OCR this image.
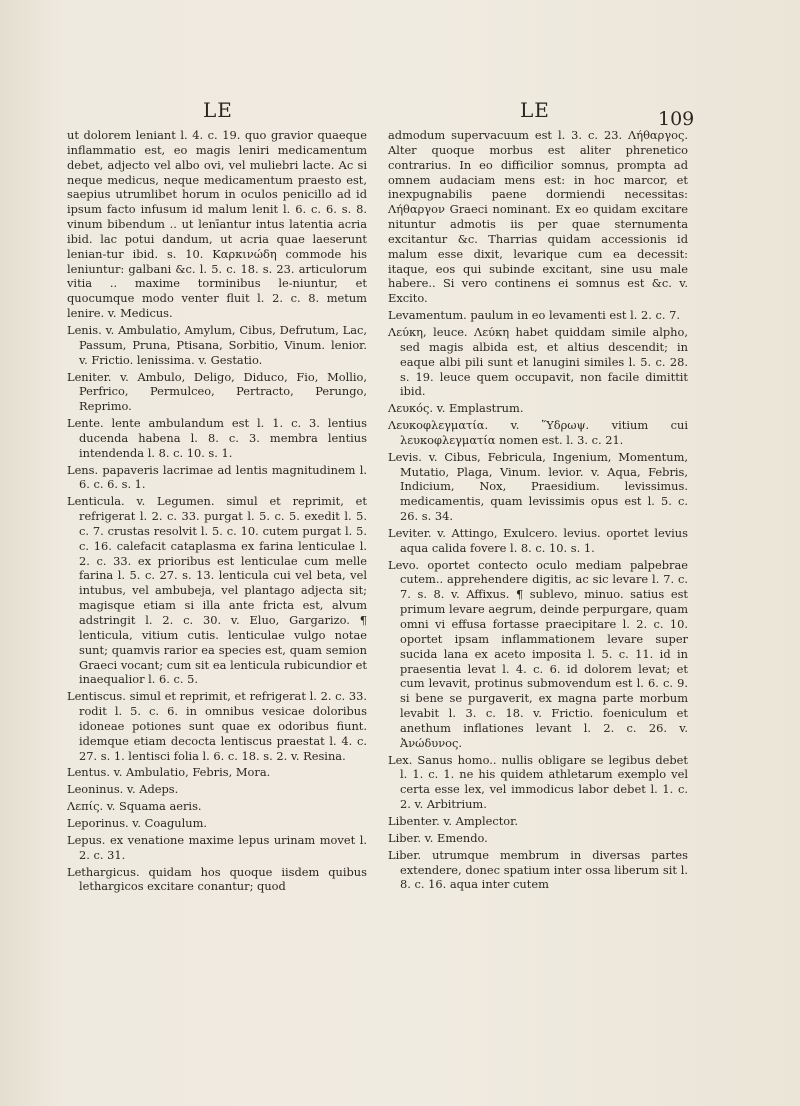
LE	LE	109
ut dolorem leniant l. 4. c. 19. quo gravior quaeque inflammatio est, eo magis leniri medicamentum debet, adjecto vel albo ovi, vel muliebri lacte. Ac si neque medicus, neque medicamentum praesto est, saepius utrumlibet horum in oculos penicillo ad id ipsum facto infusum id malum lenit l. 6. c. 6. s. 8. vinum bibendum .. ut lenīantur intus latentia acria ibid. lac potui dandum, ut acria quae laeserunt lenian-tur ibid. s. 10. Καρκινώδη commode his leniuntur: galbani &c. l. 5. c. 18. s. 23. articulorum vitia .. maxime torminibus le-niuntur, et quocumque modo venter fluit l. 2. c. 8. metum lenire. v. Medicus.
Lenis. v. Ambulatio, Amylum, Cibus, Defrutum, Lac, Passum, Pruna, Ptisana, Sorbitio, Vinum. lenior. v. Frictio. lenissima. v. Gestatio.
Leniter. v. Ambulo, Deligo, Diduco, Fio, Mollio, Perfrico, Permulceo, Pertracto, Perungo, Reprimo.
Lente. lente ambulandum est l. 1. c. 3. lentius ducenda habena l. 8. c. 3. membra lentius intendenda l. 8. c. 10. s. 1.
Lens. papaveris lacrimae ad lentis magnitudinem l. 6. c. 6. s. 1.
Lenticula. v. Legumen. simul et reprimit, et refrigerat l. 2. c. 33. purgat l. 5. c. 5. exedit l. 5. c. 7. crustas resolvit l. 5. c. 10. cutem purgat l. 5. c. 16. calefacit cataplasma ex farina lenticulae l. 2. c. 33. ex prioribus est lenticulae cum melle farina l. 5. c. 27. s. 13. lenticula cui vel beta, vel intubus, vel ambubeja, vel plantago adjecta sit; magisque etiam si illa ante fricta est, alvum adstringit l. 2. c. 30. v. Eluo, Gargarizo. ¶ lenticula, vitium cutis. lenticulae vulgo notae sunt; quamvis rarior ea species est, quam semion Graeci vocant; cum sit ea lenticula rubicundior et inaequalior l. 6. c. 5.
Lentiscus. simul et reprimit, et refrigerat l. 2. c. 33. rodit l. 5. c. 6. in omnibus vesicae doloribus idoneae potiones sunt quae ex odoribus fiunt. idemque etiam decocta lentiscus praestat l. 4. c. 27. s. 1. lentisci folia l. 6. c. 18. s. 2. v. Resina.
Lentus. v. Ambulatio, Febris, Mora.
Leoninus. v. Adeps.
Λεπίς. v. Squama aeris.
Leporinus. v. Coagulum.
Lepus. ex venatione maxime lepus urinam movet l. 2. c. 31.
Lethargicus. quidam hos quoque iisdem quibus lethargicos excitare conantur; quod
admodum supervacuum est l. 3. c. 23. Λήθαργος. Alter quoque morbus est aliter phrenetico contrarius. In eo difficilior somnus, prompta ad omnem audaciam mens est: in hoc marcor, et inexpugnabilis paene dormiendi necessitas: Λήθαργον Graeci nominant. Ex eo quidam excitare nituntur admotis iis per quae sternumenta excitantur &c. Tharrias quidam accessionis id malum esse dixit, levarique cum ea decessit: itaque, eos qui subinde excitant, sine usu male habere.. Si vero continens ei somnus est &c. v. Excito.
Levamentum. paulum in eo levamenti est l. 2. c. 7.
Λεύκη, leuce. Λεύκη habet quiddam simile alpho, sed magis albida est, et altius descendit; in eaque albi pili sunt et lanugini similes l. 5. c. 28. s. 19. leuce quem occupavit, non facile dimittit ibid.
Λευκός. v. Emplastrum.
Λευκοφλεγματία. v. Ὕδρωψ. vitium cui λευκοφλεγματία nomen est. l. 3. c. 21.
Levis. v. Cibus, Febricula, Ingenium, Momentum, Mutatio, Plaga, Vinum. levior. v. Aqua, Febris, Indicium, Nox, Praesidium. levissimus. medicamentis, quam levissimis opus est l. 5. c. 26. s. 34.
Leviter. v. Attingo, Exulcero. levius. oportet levius aqua calida fovere l. 8. c. 10. s. 1.
Levo. oportet contecto oculo mediam palpebrae cutem.. apprehendere digitis, ac sic levare l. 7. c. 7. s. 8. v. Affixus. ¶ sublevo, minuo. satius est primum levare aegrum, deinde perpurgare, quam omni vi effusa fortasse praecipitare l. 2. c. 10. oportet ipsam inflammationem levare super sucida lana ex aceto imposita l. 5. c. 11. id in praesentia levat l. 4. c. 6. id dolorem levat; et cum levavit, protinus submovendum est l. 6. c. 9. si bene se purgaverit, ex magna parte morbum levabit l. 3. c. 18. v. Frictio. foeniculum et anethum inflationes levant l. 2. c. 26. v. Ἀνώδυνος.
Lex. Sanus homo.. nullis obligare se legibus debet l. 1. c. 1. ne his quidem athletarum exemplo vel certa esse lex, vel immodicus labor debet l. 1. c. 2. v. Arbitrium.
Libenter. v. Amplector.
Liber. v. Emendo.
Liber. utrumque membrum in diversas partes extendere, donec spatium inter ossa liberum sit l. 8. c. 16. aqua inter cutem
